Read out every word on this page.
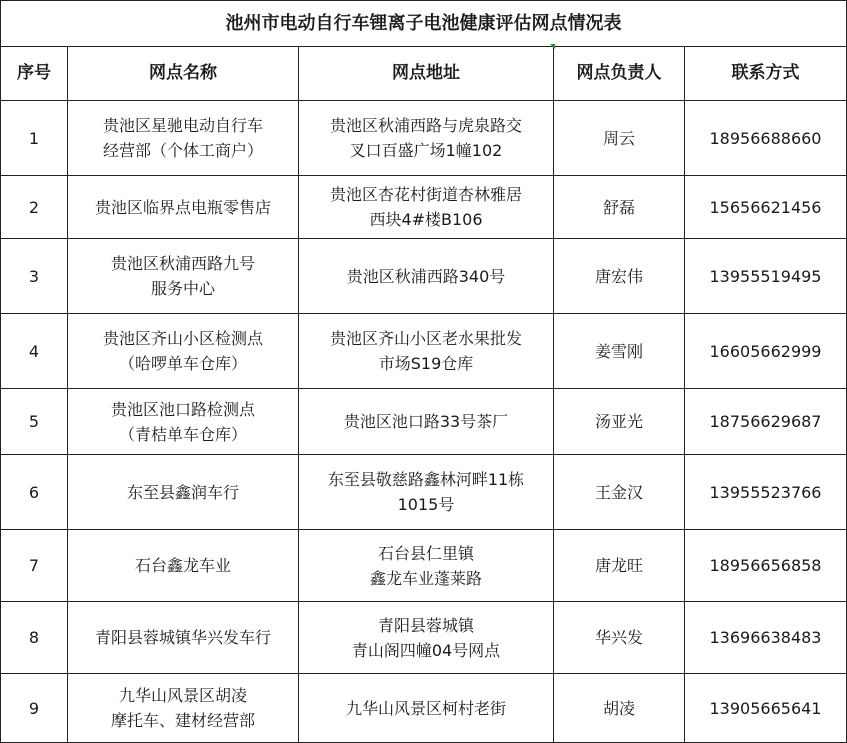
池州市电动自行车锂离子电池健康评估网点情况表				
序号	网点名称	网点地址	网点负责人	联系方式
1	贵池区星驰电动自行车
经营部（个体工商户）	贵池区秋浦西路与虎泉路交
叉口百盛广场1幢102	周云	18956688660
2	贵池区临界点电瓶零售店	贵池区杏花村街道杏林雅居
西块4#楼B106	舒磊	15656621456
3	贵池区秋浦西路九号
服务中心	贵池区秋浦西路340号	唐宏伟	13955519495
4	贵池区齐山小区检测点
（哈啰单车仓库）	贵池区齐山小区老水果批发
市场S19仓库	姜雪刚	16605662999
5	贵池区池口路检测点
（青桔单车仓库）	贵池区池口路33号茶厂	汤亚光	18756629687
6	东至县鑫润车行	东至县敬慈路鑫林河畔11栋
1015号	王金汉	13955523766
7	石台鑫龙车业	石台县仁里镇
鑫龙车业蓬莱路	唐龙旺	18956656858
8	青阳县蓉城镇华兴发车行	青阳县蓉城镇
青山阁四幢04号网点	华兴发	13696638483
9	九华山风景区胡凌
摩托车、建材经营部	九华山风景区柯村老街	胡凌	13905665641
